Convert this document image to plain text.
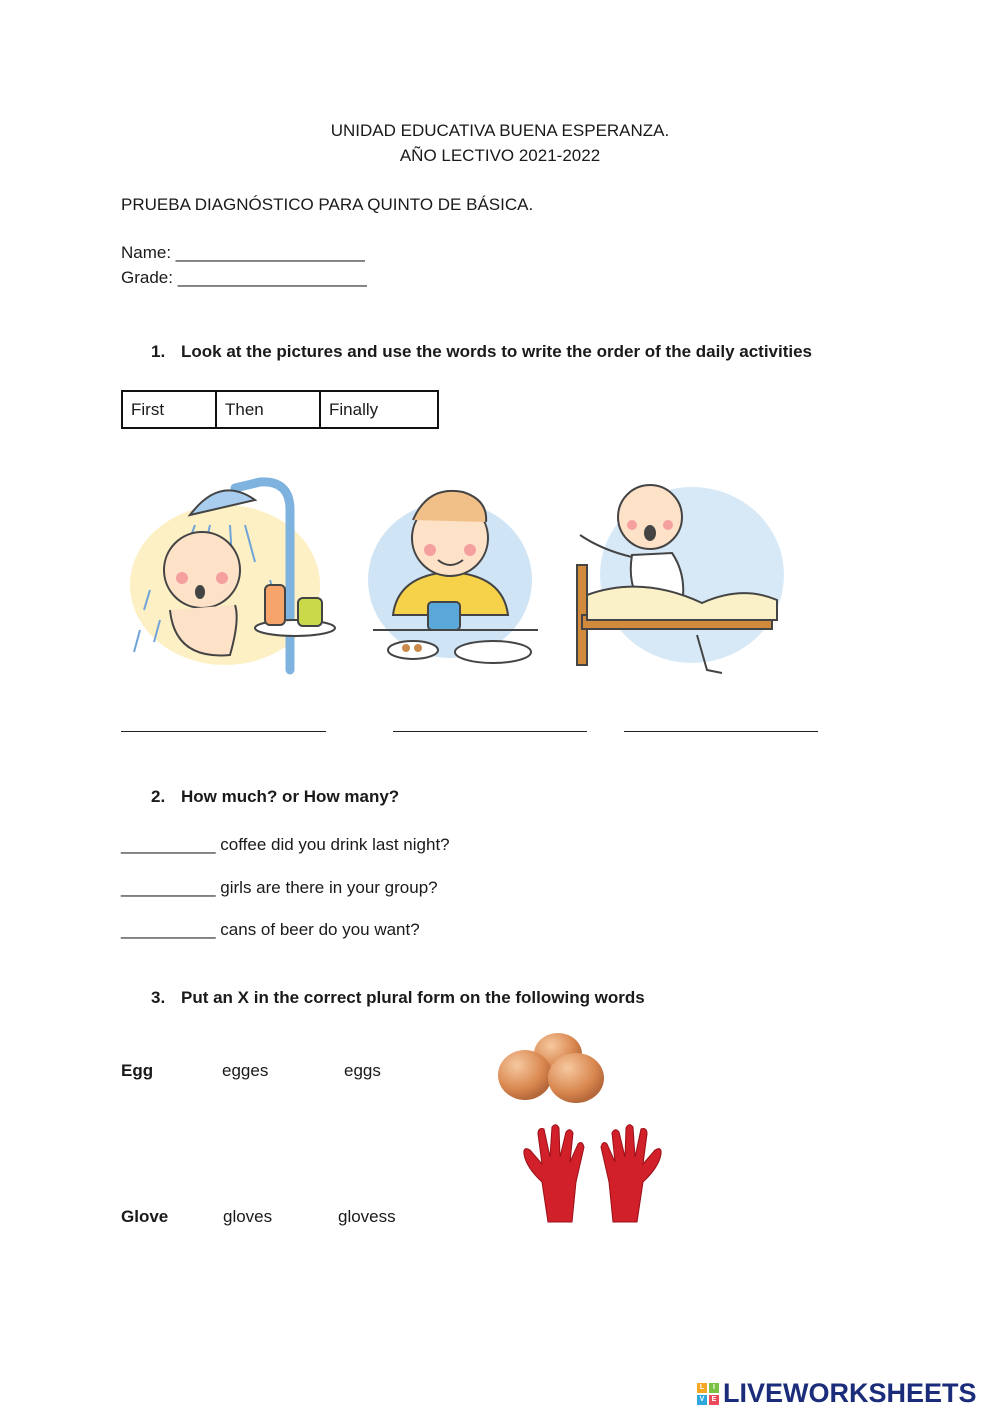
UNIDAD EDUCATIVA BUENA ESPERANZA.
AÑO LECTIVO 2021-2022
PRUEBA DIAGNÓSTICO PARA QUINTO DE BÁSICA.
Name: ____________________
Grade: ____________________
1. Look at the pictures and use the words to write the order of the daily activities
First	Then	Finally
2. How much? or How many?
__________ coffee did you drink last night?
__________ girls are there in your group?
__________ cans of beer do you want?
3. Put an X in the correct plural form on the following words
Egg	egges	eggs
Glove	gloves	glovess
L	I
V	E LIVEWORKSHEETS
